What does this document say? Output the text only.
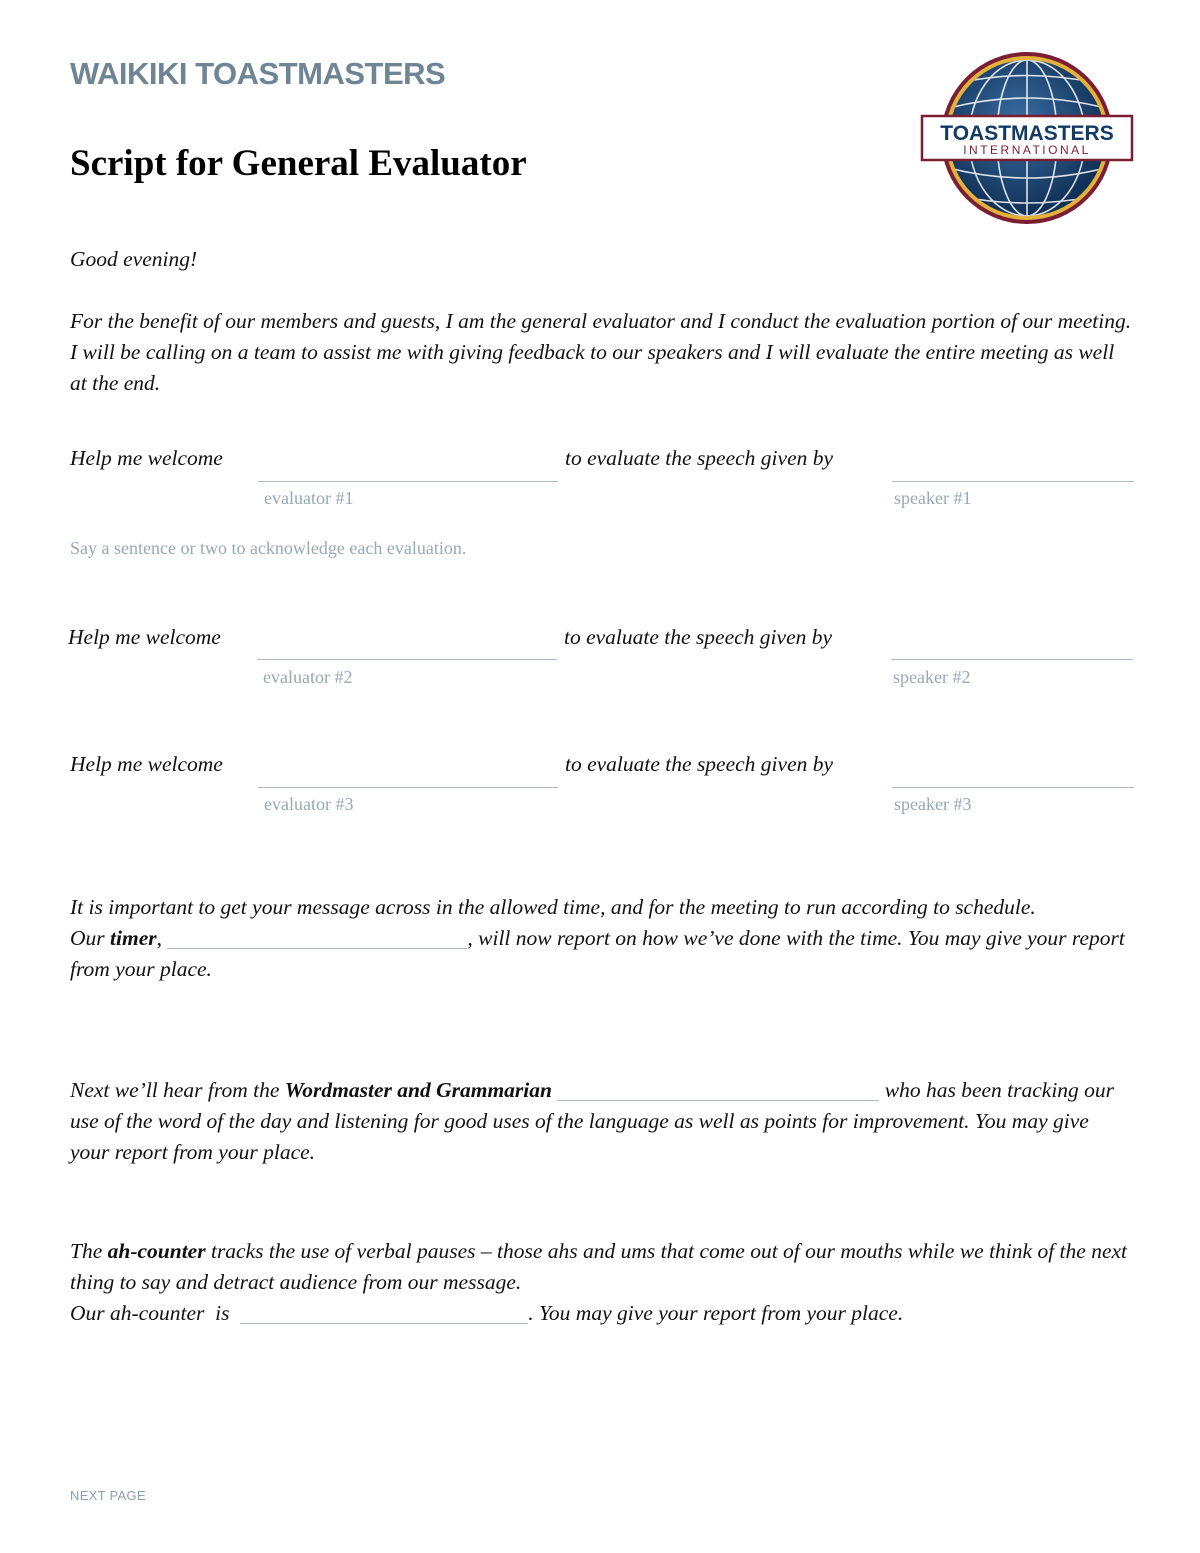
WAIKIKI TOASTMASTERS
Script for General Evaluator
TOASTMASTERS
INTERNATIONAL
Good evening!
For the benefit of our members and guests, I am the general evaluator and I conduct the evaluation portion of our meeting. I will be calling on a team to assist me with giving feedback to our speakers and I will evaluate the entire meeting as well at the end.
Help me welcome	to evaluate the speech given by
evaluator #1	speaker #1
Say a sentence or two to acknowledge each evaluation.
Help me welcome	to evaluate the speech given by
evaluator #2	speaker #2
Help me welcome	to evaluate the speech given by
evaluator #3	speaker #3
It is important to get your message across in the allowed time, and for the meeting to run according to schedule.
Our timer,	, will now report on how we’ve done with the time. You may give your report from your place.
Next we’ll hear from the Wordmaster and Grammarian	who has been tracking our use of the word of the day and listening for good uses of the language as well as points for improvement. You may give your report from your place.
The ah-counter tracks the use of verbal pauses – those ahs and ums that come out of our mouths while we think of the next thing to say and detract audience from our message.
Our ah-counter  is	. You may give your report from your place.
NEXT PAGE
